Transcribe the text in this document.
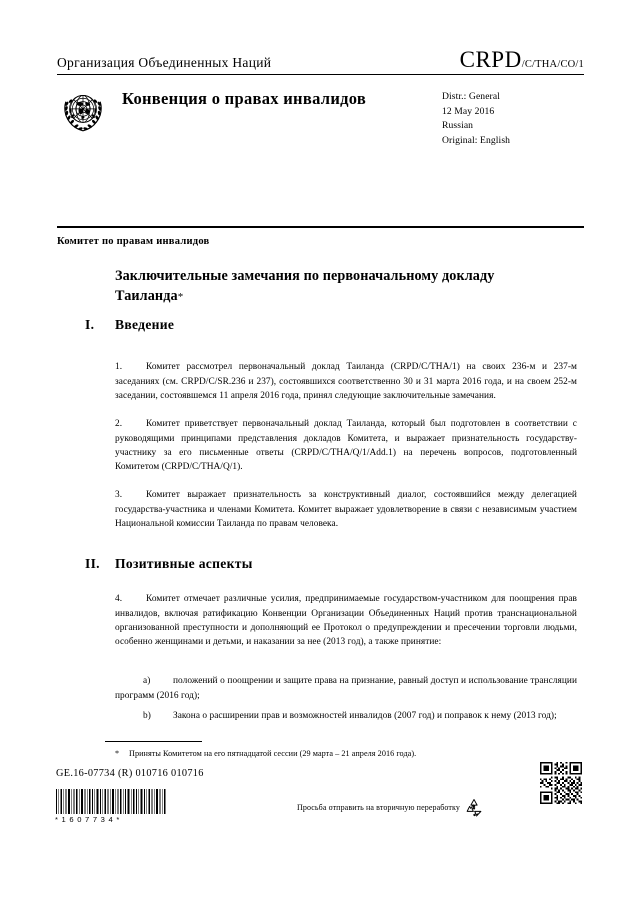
Организация Объединенных Наций	CRPD/C/THA/CO/1
Конвенция о правах инвалидов	Distr.: General
12 May 2016
Russian
Original: English
Комитет по правам инвалидов
Заключительные замечания по первоначальному докладу Таиланда*
I. Введение

1.	Комитет рассмотрел первоначальный доклад Таиланда (CRPD/C/THA/1) на своих 236-м и 237-м заседаниях (см. CRPD/C/SR.236 и 237), состоявшихся соответственно 30 и 31 марта 2016 года, и на своем 252-м заседании, состоявшемся 11 апреля 2016 года, принял следующие заключительные замечания.

2.	Комитет приветствует первоначальный доклад Таиланда, который был подготовлен в соответствии с руководящими принципами представления докладов Комитета, и выражает признательность государству-участнику за его письменные ответы (CRPD/C/THA/Q/1/Add.1) на перечень вопросов, подготовленный Комитетом (CRPD/C/THA/Q/1).

3.	Комитет выражает признательность за конструктивный диалог, состоявшийся между делегацией государства-участника и членами Комитета. Комитет выражает удовлетворение в связи с независимым участием Национальной комиссии Таиланда по правам человека.

II. Позитивные аспекты

4.	Комитет отмечает различные усилия, предпринимаемые государством-участником для поощрения прав инвалидов, включая ратификацию Конвенции Организации Объединенных Наций против транснациональной организованной преступности и дополняющий ее Протокол о предупреждении и пресечении торговли людьми, особенно женщинами и детьми, и наказании за нее (2013 год), а также принятие:

a) положений о поощрении и защите права на признание, равный доступ и использование трансляции программ (2016 год);

b) Закона о расширении прав и возможностей инвалидов (2007 год) и поправок к нему (2013 год);

* Приняты Комитетом на его пятнадцатой сессии (29 марта – 21 апреля 2016 года).
GE.16-07734 (R) 010716 010716
*1607734*
Просьба отправить на вторичную переработку
